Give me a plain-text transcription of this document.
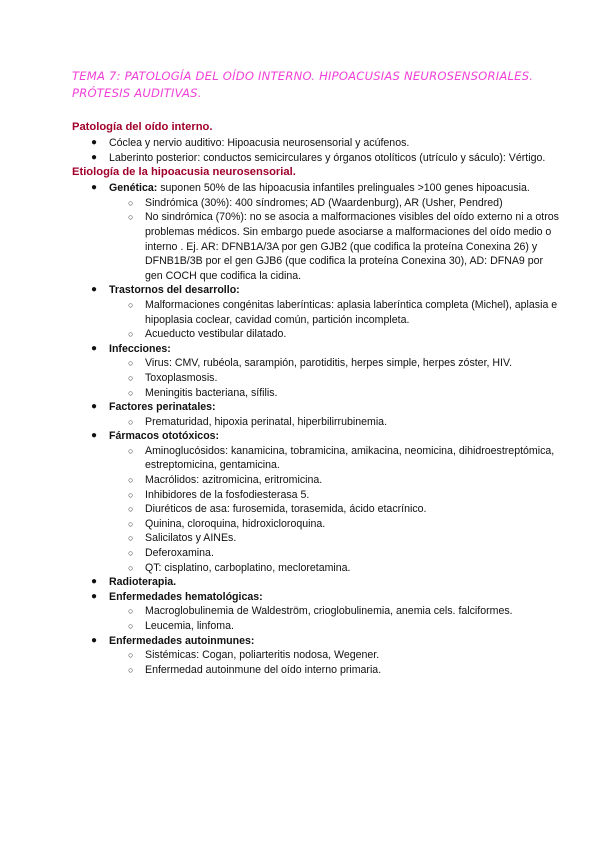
TEMA 7: PATOLOGÍA DEL OÍDO INTERNO. HIPOACUSIAS NEUROSENSORIALES.
PRÓTESIS AUDITIVAS.
Patología del oído interno.
● Cóclea y nervio auditivo: Hipoacusia neurosensorial y acúfenos.
● Laberinto posterior: conductos semicirculares y órganos otolíticos (utrículo y sáculo): Vértigo.
Etiología de la hipoacusia neurosensorial.
● Genética: suponen 50% de las hipoacusia infantiles prelinguales >100 genes hipoacusia.
○ Sindrómica (30%): 400 síndromes; AD (Waardenburg), AR (Usher, Pendred)
○ No sindrómica (70%): no se asocia a malformaciones visibles del oído externo ni a otros problemas médicos. Sin embargo puede asociarse a malformaciones del oído medio o interno . Ej. AR: DFNB1A/3A por gen GJB2 (que codifica la proteína Conexina 26) y DFNB1B/3B por el gen GJB6 (que codifica la proteína Conexina 30), AD: DFNA9 por gen COCH que codifica la cidina.
● Trastornos del desarrollo:
○ Malformaciones congénitas laberínticas: aplasia laberíntica completa (Michel), aplasia e hipoplasia coclear, cavidad común, partición incompleta.
○ Acueducto vestibular dilatado.
● Infecciones:
○ Virus: CMV, rubéola, sarampión, parotiditis, herpes simple, herpes zóster, HIV.
○ Toxoplasmosis.
○ Meningitis bacteriana, sífilis.
● Factores perinatales:
○ Prematuridad, hipoxia perinatal, hiperbilirrubinemia.
● Fármacos ototóxicos:
○ Aminoglucósidos: kanamicina, tobramicina, amikacina, neomicina, dihidroestreptómica, estreptomicina, gentamicina.
○ Macrólidos: azitromicina, eritromicina.
○ Inhibidores de la fosfodiesterasa 5.
○ Diuréticos de asa: furosemida, torasemida, ácido etacrínico.
○ Quinina, cloroquina, hidroxicloroquina.
○ Salicilatos y AINEs.
○ Deferoxamina.
○ QT: cisplatino, carboplatino, mecloretamina.
● Radioterapia.
● Enfermedades hematológicas:
○ Macroglobulinemia de Waldeström, crioglobulinemia, anemia cels. falciformes.
○ Leucemia, linfoma.
● Enfermedades autoinmunes:
○ Sistémicas: Cogan, poliarteritis nodosa, Wegener.
○ Enfermedad autoinmune del oído interno primaria.
